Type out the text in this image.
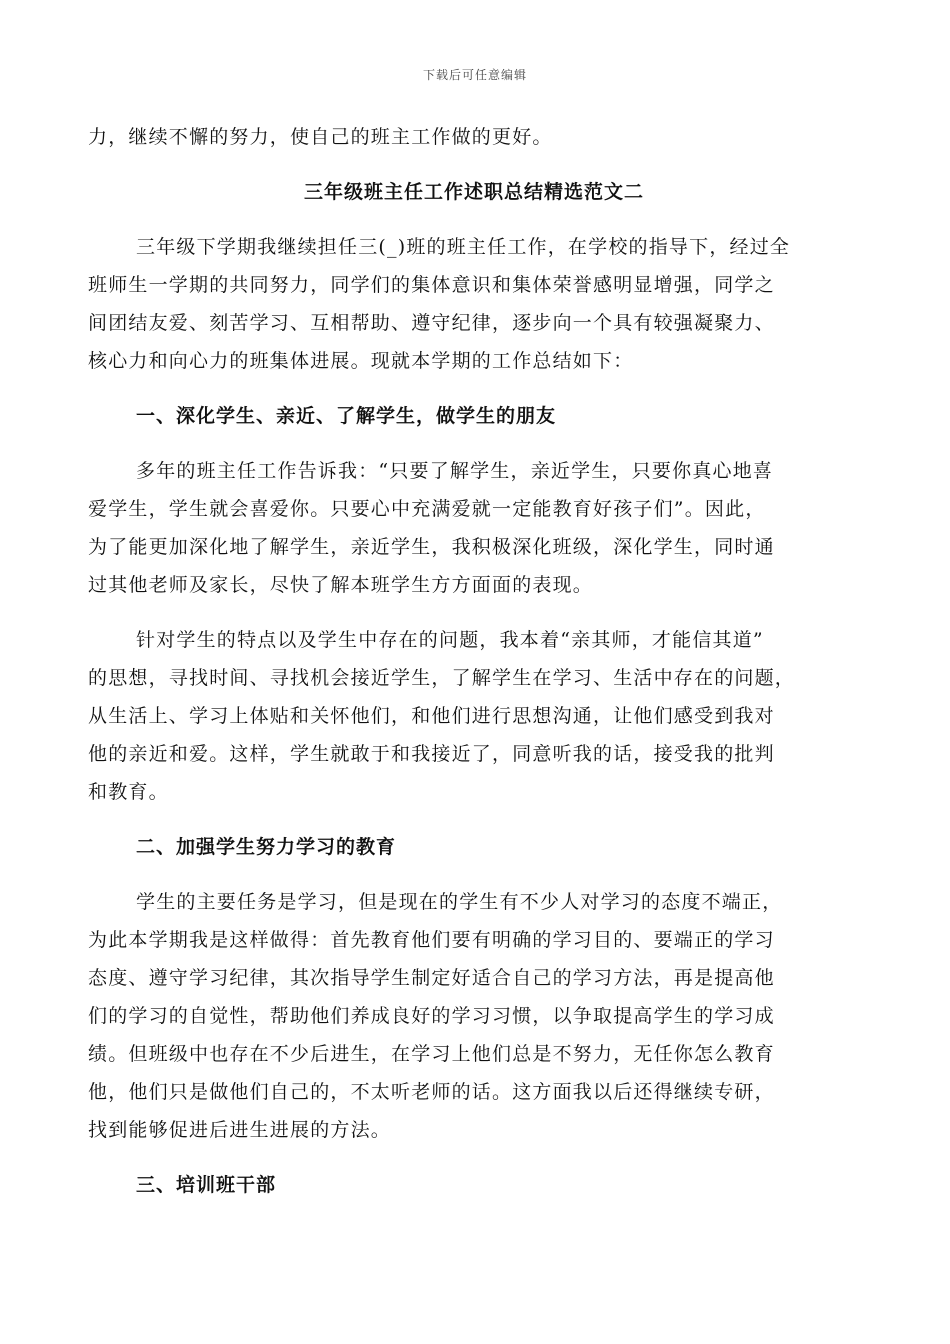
下载后可任意编辑
力，继续不懈的努力，使自己的班主工作做的更好。
三年级班主任工作述职总结精选范文二
三年级下学期我继续担任三(_)班的班主任工作，在学校的指导下，经过全
班师生一学期的共同努力，同学们的集体意识和集体荣誉感明显增强，同学之
间团结友爱、刻苦学习、互相帮助、遵守纪律，逐步向一个具有较强凝聚力、
核心力和向心力的班集体进展。现就本学期的工作总结如下：
一、深化学生、亲近、了解学生，做学生的朋友
多年的班主任工作告诉我：“只要了解学生，亲近学生，只要你真心地喜
爱学生，学生就会喜爱你。只要心中充满爱就一定能教育好孩子们”。因此，
为了能更加深化地了解学生，亲近学生，我积极深化班级，深化学生，同时通
过其他老师及家长，尽快了解本班学生方方面面的表现。
针对学生的特点以及学生中存在的问题，我本着“亲其师，才能信其道”
的思想，寻找时间、寻找机会接近学生，了解学生在学习、生活中存在的问题，
从生活上、学习上体贴和关怀他们，和他们进行思想沟通，让他们感受到我对
他的亲近和爱。这样，学生就敢于和我接近了，同意听我的话，接受我的批判
和教育。
二、加强学生努力学习的教育
学生的主要任务是学习，但是现在的学生有不少人对学习的态度不端正，
为此本学期我是这样做得：首先教育他们要有明确的学习目的、要端正的学习
态度、遵守学习纪律，其次指导学生制定好适合自己的学习方法，再是提高他
们的学习的自觉性，帮助他们养成良好的学习习惯，以争取提高学生的学习成
绩。但班级中也存在不少后进生，在学习上他们总是不努力，无任你怎么教育
他，他们只是做他们自己的，不太听老师的话。这方面我以后还得继续专研，
找到能够促进后进生进展的方法。
三、培训班干部
